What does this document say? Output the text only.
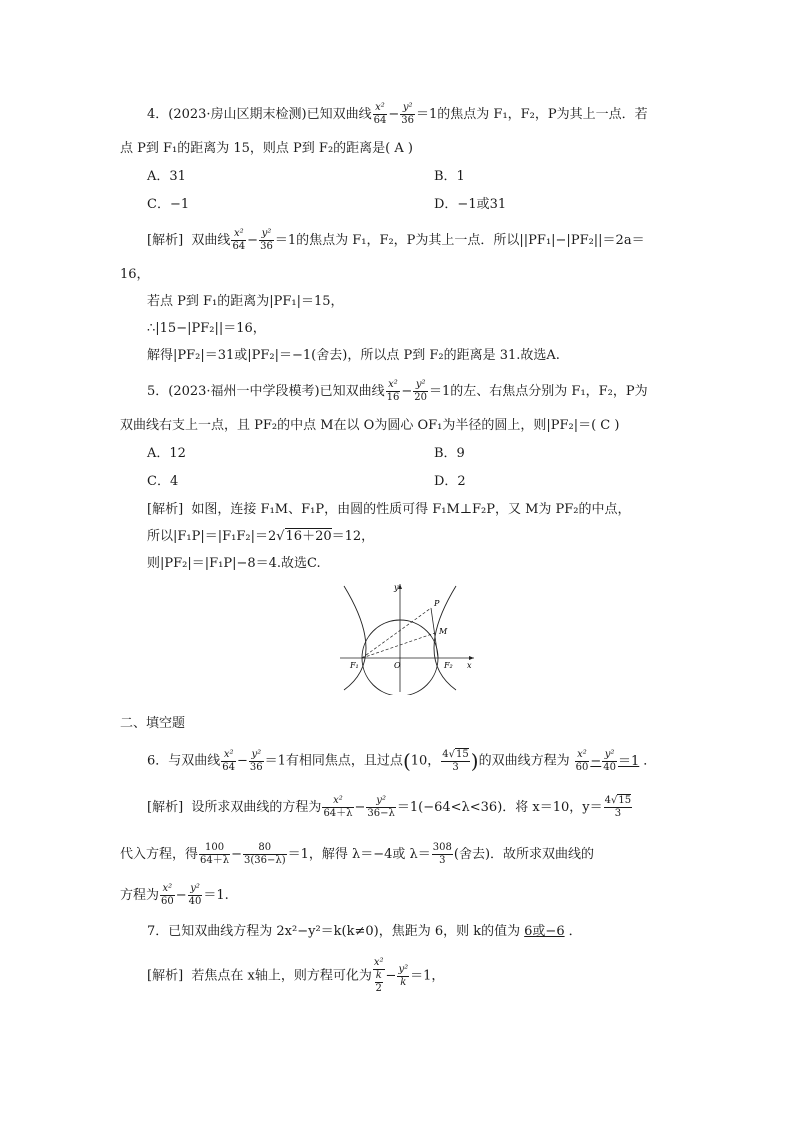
4．(2023·房山区期末检测)已知双曲线 $\frac{\text{x²}}{64} - \frac{\text{y²}}{36} =1$的焦点为 F₁，F₂，P为其上一点．若
点 P到 F₁的距离为 15，则点 P到 F₂的距离是( A )
A．31	B．1
C．−1	D．−1或31
[解析] 双曲线 $\frac{\text{x²}}{64} - \frac{\text{y²}}{36} =1$的焦点为 F₁，F₂，P为其上一点．所以||PF₁|−|PF₂||＝2a＝
16，
若点 P到 F₁的距离为|PF₁|＝15，
∴|15−|PF₂||＝16，
解得|PF₂|＝31或|PF₂|＝−1(舍去)，所以点 P到 F₂的距离是 31.故选A.
5．(2023·福州一中学段模考)已知双曲线 $\frac{\text{x²}}{16} - \frac{\text{y²}}{20} =1$的左、右焦点分别为 F₁，F₂，P为
双曲线右支上一点，且 PF₂的中点 M在以 O为圆心 OF₁为半径的圆上，则|PF₂|＝( C )
A．12	B．9
C．4	D．2
[解析] 如图，连接 F₁M、F₁P，由圆的性质可得 F₁M⊥F₂P，又 M为 PF₂的中点，
所以|F₁P|＝|F₁F₂|＝2√16＋20＝12，
则|PF₂|＝|F₁P|−8＝4.故选C.
y
x
P
M
O
F₁	F₂
二、填空题
6．与双曲线 $\frac{\text{x²}}{64} - \frac{\text{y²}}{36} =1$有相同焦点，且过点(10， $\frac{4√15}{3}$ )的双曲线方程为 $\frac{\text{x²}}{60} - \frac{\text{y²}}{40} =1$ ．
[解析] 设所求双曲线的方程为 $\frac{\text{x²}}{64+\lambda} - \frac{\text{y²}}{36-\lambda} =1(-64<\lambda<36)$．将 x＝10，$y= \frac{4√15}{3}$
代入方程，得 $\frac{100}{64+\lambda} - \frac{80}{3(36-\lambda)} =1$，解得 λ＝−4或 $\lambda= \frac{308}{3}$ (舍去)．故所求双曲线的
方程为 $\frac{\text{x²}}{60} - \frac{\text{y²}}{40} =1$.
7．已知双曲线方程为 2x²−y²＝k(k≠0)，焦距为 6，则 k的值为 6或−6 ．
[解析] 若焦点在 x轴上，则方程可化为 $\frac{\text{x²}}{\frac{k}{2}} - \frac{\text{y²}}{k} =1$，
